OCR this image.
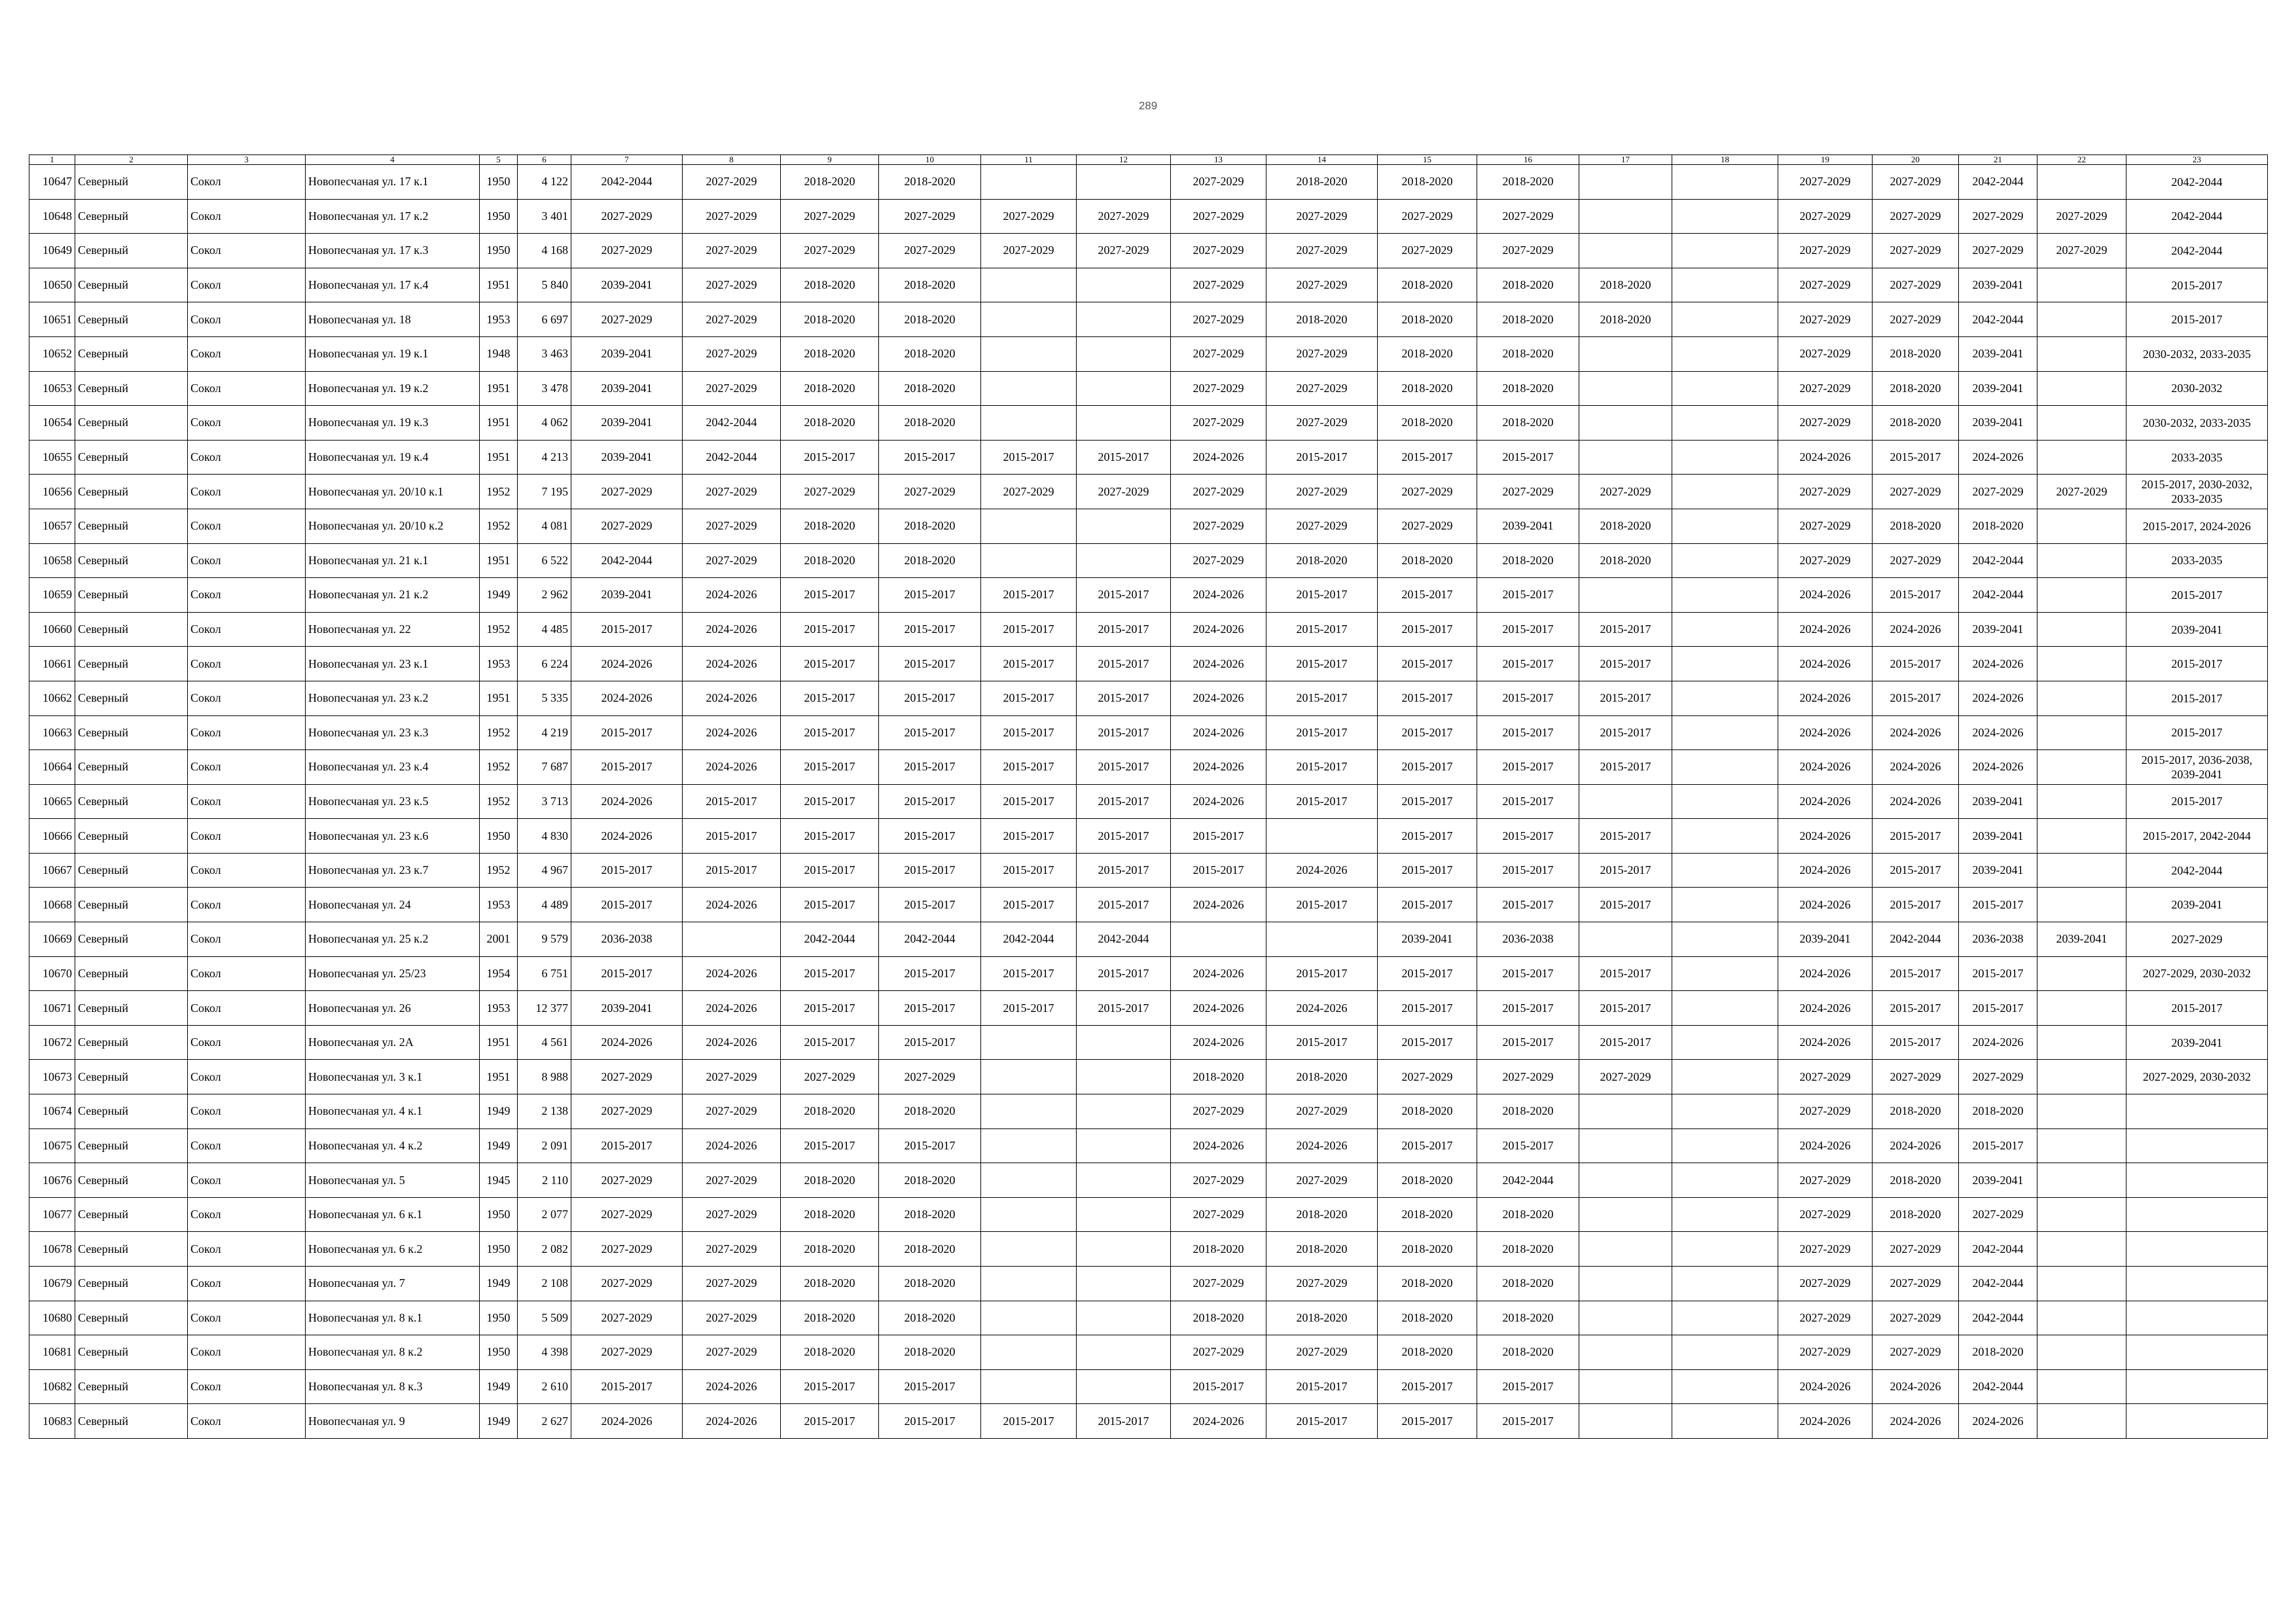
289
1	2	3	4	5	6	7	8	9	10	11	12	13	14	15	16	17	18	19	20	21	22	23
10647	Северный	Сокол	Новопесчаная ул. 17 к.1	1950	4 122	2042-2044	2027-2029	2018-2020	2018-2020			2027-2029	2018-2020	2018-2020	2018-2020			2027-2029	2027-2029	2042-2044		2042-2044
10648	Северный	Сокол	Новопесчаная ул. 17 к.2	1950	3 401	2027-2029	2027-2029	2027-2029	2027-2029	2027-2029	2027-2029	2027-2029	2027-2029	2027-2029	2027-2029			2027-2029	2027-2029	2027-2029	2027-2029	2042-2044
10649	Северный	Сокол	Новопесчаная ул. 17 к.3	1950	4 168	2027-2029	2027-2029	2027-2029	2027-2029	2027-2029	2027-2029	2027-2029	2027-2029	2027-2029	2027-2029			2027-2029	2027-2029	2027-2029	2027-2029	2042-2044
10650	Северный	Сокол	Новопесчаная ул. 17 к.4	1951	5 840	2039-2041	2027-2029	2018-2020	2018-2020			2027-2029	2027-2029	2018-2020	2018-2020	2018-2020		2027-2029	2027-2029	2039-2041		2015-2017
10651	Северный	Сокол	Новопесчаная ул. 18	1953	6 697	2027-2029	2027-2029	2018-2020	2018-2020			2027-2029	2018-2020	2018-2020	2018-2020	2018-2020		2027-2029	2027-2029	2042-2044		2015-2017
10652	Северный	Сокол	Новопесчаная ул. 19 к.1	1948	3 463	2039-2041	2027-2029	2018-2020	2018-2020			2027-2029	2027-2029	2018-2020	2018-2020			2027-2029	2018-2020	2039-2041		2030-2032, 2033-2035
10653	Северный	Сокол	Новопесчаная ул. 19 к.2	1951	3 478	2039-2041	2027-2029	2018-2020	2018-2020			2027-2029	2027-2029	2018-2020	2018-2020			2027-2029	2018-2020	2039-2041		2030-2032
10654	Северный	Сокол	Новопесчаная ул. 19 к.3	1951	4 062	2039-2041	2042-2044	2018-2020	2018-2020			2027-2029	2027-2029	2018-2020	2018-2020			2027-2029	2018-2020	2039-2041		2030-2032, 2033-2035
10655	Северный	Сокол	Новопесчаная ул. 19 к.4	1951	4 213	2039-2041	2042-2044	2015-2017	2015-2017	2015-2017	2015-2017	2024-2026	2015-2017	2015-2017	2015-2017			2024-2026	2015-2017	2024-2026		2033-2035
10656	Северный	Сокол	Новопесчаная ул. 20/10 к.1	1952	7 195	2027-2029	2027-2029	2027-2029	2027-2029	2027-2029	2027-2029	2027-2029	2027-2029	2027-2029	2027-2029	2027-2029		2027-2029	2027-2029	2027-2029	2027-2029	2015-2017, 2030-2032, 2033-2035
10657	Северный	Сокол	Новопесчаная ул. 20/10 к.2	1952	4 081	2027-2029	2027-2029	2018-2020	2018-2020			2027-2029	2027-2029	2027-2029	2039-2041	2018-2020		2027-2029	2018-2020	2018-2020		2015-2017, 2024-2026
10658	Северный	Сокол	Новопесчаная ул. 21 к.1	1951	6 522	2042-2044	2027-2029	2018-2020	2018-2020			2027-2029	2018-2020	2018-2020	2018-2020	2018-2020		2027-2029	2027-2029	2042-2044		2033-2035
10659	Северный	Сокол	Новопесчаная ул. 21 к.2	1949	2 962	2039-2041	2024-2026	2015-2017	2015-2017	2015-2017	2015-2017	2024-2026	2015-2017	2015-2017	2015-2017			2024-2026	2015-2017	2042-2044		2015-2017
10660	Северный	Сокол	Новопесчаная ул. 22	1952	4 485	2015-2017	2024-2026	2015-2017	2015-2017	2015-2017	2015-2017	2024-2026	2015-2017	2015-2017	2015-2017	2015-2017		2024-2026	2024-2026	2039-2041		2039-2041
10661	Северный	Сокол	Новопесчаная ул. 23 к.1	1953	6 224	2024-2026	2024-2026	2015-2017	2015-2017	2015-2017	2015-2017	2024-2026	2015-2017	2015-2017	2015-2017	2015-2017		2024-2026	2015-2017	2024-2026		2015-2017
10662	Северный	Сокол	Новопесчаная ул. 23 к.2	1951	5 335	2024-2026	2024-2026	2015-2017	2015-2017	2015-2017	2015-2017	2024-2026	2015-2017	2015-2017	2015-2017	2015-2017		2024-2026	2015-2017	2024-2026		2015-2017
10663	Северный	Сокол	Новопесчаная ул. 23 к.3	1952	4 219	2015-2017	2024-2026	2015-2017	2015-2017	2015-2017	2015-2017	2024-2026	2015-2017	2015-2017	2015-2017	2015-2017		2024-2026	2024-2026	2024-2026		2015-2017
10664	Северный	Сокол	Новопесчаная ул. 23 к.4	1952	7 687	2015-2017	2024-2026	2015-2017	2015-2017	2015-2017	2015-2017	2024-2026	2015-2017	2015-2017	2015-2017	2015-2017		2024-2026	2024-2026	2024-2026		2015-2017, 2036-2038, 2039-2041
10665	Северный	Сокол	Новопесчаная ул. 23 к.5	1952	3 713	2024-2026	2015-2017	2015-2017	2015-2017	2015-2017	2015-2017	2024-2026	2015-2017	2015-2017	2015-2017			2024-2026	2024-2026	2039-2041		2015-2017
10666	Северный	Сокол	Новопесчаная ул. 23 к.6	1950	4 830	2024-2026	2015-2017	2015-2017	2015-2017	2015-2017	2015-2017	2015-2017		2015-2017	2015-2017	2015-2017		2024-2026	2015-2017	2039-2041		2015-2017, 2042-2044
10667	Северный	Сокол	Новопесчаная ул. 23 к.7	1952	4 967	2015-2017	2015-2017	2015-2017	2015-2017	2015-2017	2015-2017	2015-2017	2024-2026	2015-2017	2015-2017	2015-2017		2024-2026	2015-2017	2039-2041		2042-2044
10668	Северный	Сокол	Новопесчаная ул. 24	1953	4 489	2015-2017	2024-2026	2015-2017	2015-2017	2015-2017	2015-2017	2024-2026	2015-2017	2015-2017	2015-2017	2015-2017		2024-2026	2015-2017	2015-2017		2039-2041
10669	Северный	Сокол	Новопесчаная ул. 25 к.2	2001	9 579	2036-2038		2042-2044	2042-2044	2042-2044	2042-2044			2039-2041	2036-2038			2039-2041	2042-2044	2036-2038	2039-2041	2027-2029
10670	Северный	Сокол	Новопесчаная ул. 25/23	1954	6 751	2015-2017	2024-2026	2015-2017	2015-2017	2015-2017	2015-2017	2024-2026	2015-2017	2015-2017	2015-2017	2015-2017		2024-2026	2015-2017	2015-2017		2027-2029, 2030-2032
10671	Северный	Сокол	Новопесчаная ул. 26	1953	12 377	2039-2041	2024-2026	2015-2017	2015-2017	2015-2017	2015-2017	2024-2026	2024-2026	2015-2017	2015-2017	2015-2017		2024-2026	2015-2017	2015-2017		2015-2017
10672	Северный	Сокол	Новопесчаная ул. 2А	1951	4 561	2024-2026	2024-2026	2015-2017	2015-2017			2024-2026	2015-2017	2015-2017	2015-2017	2015-2017		2024-2026	2015-2017	2024-2026		2039-2041
10673	Северный	Сокол	Новопесчаная ул. 3 к.1	1951	8 988	2027-2029	2027-2029	2027-2029	2027-2029			2018-2020	2018-2020	2027-2029	2027-2029	2027-2029		2027-2029	2027-2029	2027-2029		2027-2029, 2030-2032
10674	Северный	Сокол	Новопесчаная ул. 4 к.1	1949	2 138	2027-2029	2027-2029	2018-2020	2018-2020			2027-2029	2027-2029	2018-2020	2018-2020			2027-2029	2018-2020	2018-2020		
10675	Северный	Сокол	Новопесчаная ул. 4 к.2	1949	2 091	2015-2017	2024-2026	2015-2017	2015-2017			2024-2026	2024-2026	2015-2017	2015-2017			2024-2026	2024-2026	2015-2017		
10676	Северный	Сокол	Новопесчаная ул. 5	1945	2 110	2027-2029	2027-2029	2018-2020	2018-2020			2027-2029	2027-2029	2018-2020	2042-2044			2027-2029	2018-2020	2039-2041		
10677	Северный	Сокол	Новопесчаная ул. 6 к.1	1950	2 077	2027-2029	2027-2029	2018-2020	2018-2020			2027-2029	2018-2020	2018-2020	2018-2020			2027-2029	2018-2020	2027-2029		
10678	Северный	Сокол	Новопесчаная ул. 6 к.2	1950	2 082	2027-2029	2027-2029	2018-2020	2018-2020			2018-2020	2018-2020	2018-2020	2018-2020			2027-2029	2027-2029	2042-2044		
10679	Северный	Сокол	Новопесчаная ул. 7	1949	2 108	2027-2029	2027-2029	2018-2020	2018-2020			2027-2029	2027-2029	2018-2020	2018-2020			2027-2029	2027-2029	2042-2044		
10680	Северный	Сокол	Новопесчаная ул. 8 к.1	1950	5 509	2027-2029	2027-2029	2018-2020	2018-2020			2018-2020	2018-2020	2018-2020	2018-2020			2027-2029	2027-2029	2042-2044		
10681	Северный	Сокол	Новопесчаная ул. 8 к.2	1950	4 398	2027-2029	2027-2029	2018-2020	2018-2020			2027-2029	2027-2029	2018-2020	2018-2020			2027-2029	2027-2029	2018-2020		
10682	Северный	Сокол	Новопесчаная ул. 8 к.3	1949	2 610	2015-2017	2024-2026	2015-2017	2015-2017			2015-2017	2015-2017	2015-2017	2015-2017			2024-2026	2024-2026	2042-2044		
10683	Северный	Сокол	Новопесчаная ул. 9	1949	2 627	2024-2026	2024-2026	2015-2017	2015-2017	2015-2017	2015-2017	2024-2026	2015-2017	2015-2017	2015-2017			2024-2026	2024-2026	2024-2026		
